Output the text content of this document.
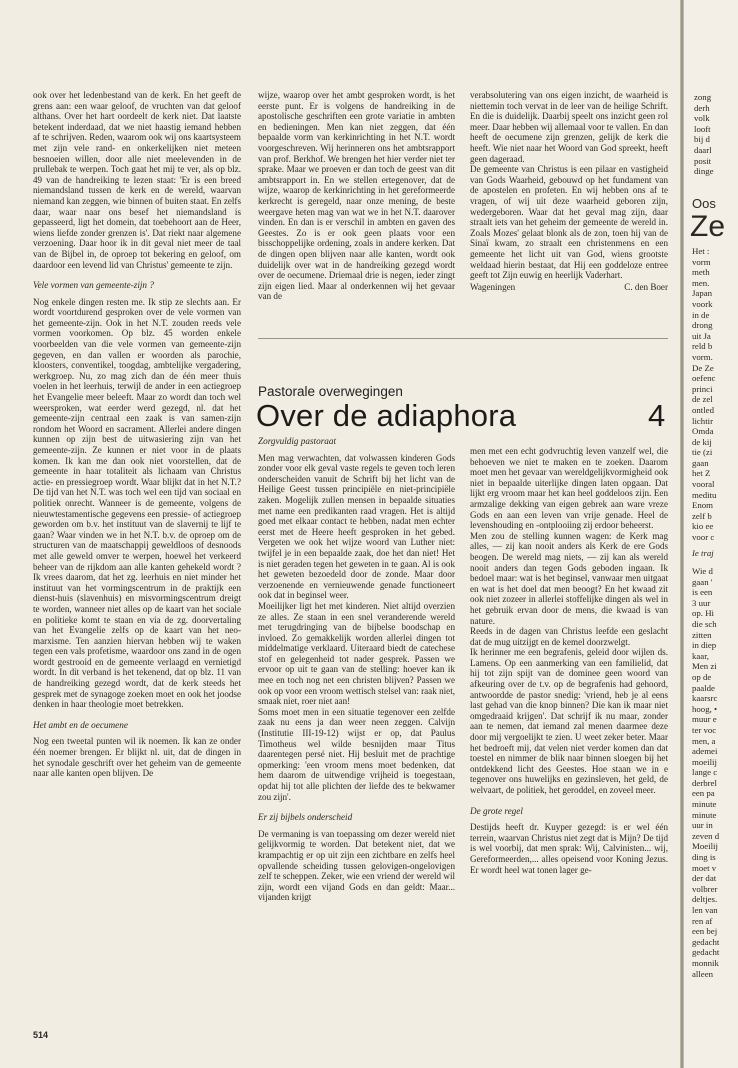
ook over het ledenbestand van de kerk. En het geeft de grens aan: een waar geloof, de vruchten van dat geloof althans. Over het hart oordeelt de kerk niet. Dat laatste betekent inderdaad, dat we niet haastig iemand hebben af te schrijven. Reden, waarom ook wij ons kaartsysteem met zijn vele rand- en onkerkelijken niet meteen besnoeien willen, door alle niet meelevenden in de prullebak te werpen. Toch gaat het mij te ver, als op blz. 49 van de handreiking te lezen staat: 'Er is een breed niemandsland tussen de kerk en de wereld, waarvan niemand kan zeggen, wie binnen of buiten staat. En zelfs daar, waar naar ons besef het niemandsland is gepasseerd, ligt het domein, dat toebehoort aan de Heer, wiens liefde zonder grenzen is'. Dat riekt naar algemene verzoening. Daar hoor ik in dit geval niet meer de taal van de Bijbel in, de oproep tot bekering en geloof, om daardoor een levend lid van Christus' gemeente te zijn.

Vele vormen van gemeente-zijn ?

Nog enkele dingen resten me. Ik stip ze slechts aan. Er wordt voortdurend gesproken over de vele vormen van het gemeente-zijn. Ook in het N.T. zouden reeds vele vormen voorkomen. Op blz. 45 worden enkele voorbeelden van die vele vormen van gemeente-zijn gegeven, en dan vallen er woorden als parochie, kloosters, conventikel, toogdag, ambtelijke vergadering, werkgroep. Nu, zo mag zich dan de één meer thuis voelen in het leerhuis, terwijl de ander in een actiegroep het Evangelie meer beleeft. Maar zo wordt dan toch wel weersproken, wat eerder werd gezegd, nl. dat het gemeente-zijn centraal een zaak is van samen-zijn rondom het Woord en sacrament. Allerlei andere dingen kunnen op zijn best de uitwasiering zijn van het gemeente-zijn. Ze kunnen er niet voor in de plaats komen. Ik kan me dan ook niet voorstellen, dat de gemeente in haar totaliteit als lichaam van Christus actie- en pressiegroep wordt. Waar blijkt dat in het N.T.? De tijd van het N.T. was toch wel een tijd van sociaal en politiek onrecht. Wanneer is de gemeente, volgens de nieuwtestamentische gegevens een pressie- of actiegroep geworden om b.v. het instituut van de slavernij te lijf te gaan? Waar vinden we in het N.T. b.v. de oproep om de structuren van de maatschappij geweldloos of desnoods met alle geweld omver te werpen, hoewel het verkeerd beheer van de rijkdom aan alle kanten gehekeld wordt ? Ik vrees daarom, dat het zg. leerhuis en niet minder het instituut van het vormingscentrum in de praktijk een dienst-huis (slavenhuis) en misvormingscentrum dreigt te worden, wanneer niet alles op de kaart van het sociale en politieke komt te staan en via de zg. doorvertaling van het Evangelie zelfs op de kaart van het neo-marxisme. Ten aanzien hiervan hebben wij te waken tegen een vals profetisme, waardoor ons zand in de ogen wordt gestrooid en de gemeente verlaagd en vernietigd wordt. In dit verband is het tekenend, dat op blz. 11 van de handreiking gezegd wordt, dat de kerk steeds het gesprek met de synagoge zoeken moet en ook het joodse denken in haar theologie moet betrekken.

Het ambt en de oecumene

Nog een tweetal punten wil ik noemen. Ik kan ze onder één noemer brengen. Er blijkt nl. uit, dat de dingen in het synodale geschrift over het geheim van de gemeente naar alle kanten open blijven. De

wijze, waarop over het ambt gesproken wordt, is het eerste punt. Er is volgens de handreiking in de apostolische geschriften een grote variatie in ambten en bedieningen. Men kan niet zeggen, dat één bepaalde vorm van kerkinrichting in het N.T. wordt voorgeschreven. Wij herinneren ons het ambtsrapport van prof. Berkhof. We brengen het hier verder niet ter sprake. Maar we proeven er dan toch de geest van dit ambtsrapport in. En we stellen ertegenover, dat de wijze, waarop de kerkinrichting in het gereformeerde kerkrecht is geregeld, naar onze mening, de beste weergave heten mag van wat we in het N.T. daarover vinden. En dan is er verschil in ambten en gaven des Geestes. Zo is er ook geen plaats voor een bisschoppelijke ordening, zoals in andere kerken. Dat de dingen open blijven naar alle kanten, wordt ook duidelijk over wat in de handreiking gezegd wordt over de oecumene. Driemaal drie is negen, ieder zingt zijn eigen lied. Maar al onderkennen wij het gevaar van de

verabsolutering van ons eigen inzicht, de waarheid is niettemin toch vervat in de leer van de heilige Schrift. En die is duidelijk. Daarbij speelt ons inzicht geen rol meer. Daar hebben wij allemaal voor te vallen. En dan heeft de oecumene zijn grenzen, gelijk de kerk die heeft. Wie niet naar het Woord van God spreekt, heeft geen dageraad.

De gemeente van Christus is een pilaar en vastigheid van Gods Waarheid, gebouwd op het fundament van de apostelen en profeten. En wij hebben ons af te vragen, of wij uit deze waarheid geboren zijn, wedergeboren. Waar dat het geval mag zijn, daar straalt iets van het geheim der gemeente de wereld in. Zoals Mozes' gelaat blonk als de zon, toen hij van de Sinaï kwam, zo straalt een christenmens en een gemeente het licht uit van God, wiens grootste weldaad hierin bestaat, dat Hij een goddeloze entree geeft tot Zijn euwig en heerlijk Vaderhart.

Wageningen	C. den Boer
Pastorale overwegingen
Over de adiaphora	4
Zorgvuldig pastoraat

Men mag verwachten, dat volwassen kinderen Gods zonder voor elk geval vaste regels te geven toch leren onderscheiden vanuit de Schrift bij het licht van de Heilige Geest tussen principiële en niet-principiële zaken. Mogelijk zullen mensen in bepaalde situaties met name een predikanten raad vragen. Het is altijd goed met elkaar contact te hebben, nadat men echter eerst met de Heere heeft gesproken in het gebed. Vergeten we ook het wijze woord van Luther niet: twijfel je in een bepaalde zaak, doe het dan niet! Het is niet geraden tegen het geweten in te gaan. Al is ook het geweten bezoedeld door de zonde. Maar door verzoenende en vernieuwende genade functioneert ook dat in beginsel weer.

Moeilijker ligt het met kinderen. Niet altijd overzien ze alles. Ze staan in een snel veranderende wereld met terugdringing van de bijbelse boodschap en invloed. Zo gemakkelijk worden allerlei dingen tot middelmatige verklaard. Uiteraard biedt de catechese stof en gelegenheid tot nader gesprek. Passen we ervoor op uit te gaan van de stelling: hoever kan ik mee en toch nog net een christen blijven? Passen we ook op voor een vroom wettisch stelsel van: raak niet, smaak niet, roer niet aan!

Soms moet men in een situatie tegenover een zelfde zaak nu eens ja dan weer neen zeggen. Calvijn (Institutie III-19-12) wijst er op, dat Paulus Timotheus wel wilde besnijden maar Titus daarentegen persé niet. Hij besluit met de prachtige opmerking: 'een vroom mens moet bedenken, dat hem daarom de uitwendige vrijheid is toegestaan, opdat hij tot alle plichten der liefde des te bekwamer zou zijn'.

Er zij bijbels onderscheid

De vermaning is van toepassing om dezer wereld niet gelijkvormig te worden. Dat betekent niet, dat we krampachtig er op uit zijn een zichtbare en zelfs heel opvallende scheiding tussen gelovigen-ongelovigen zelf te scheppen. Zeker, wie een vriend der wereld wil zijn, wordt een vijand Gods en dan geldt: Maar... vijanden krijgt

men met een echt godvruchtig leven vanzelf wel, die behoeven we niet te maken en te zoeken. Daarom moet men het gevaar van wereldgelijkvormigheid ook niet in bepaalde uiterlijke dingen laten opgaan. Dat lijkt erg vroom maar het kan heel goddeloos zijn. Een armzalige dekking van eigen gebrek aan ware vreze Gods en aan een leven van vrije genade. Heel de levenshouding en -ontplooiing zij erdoor beheerst.

Men zou de stelling kunnen wagen: de Kerk mag alles, — zij kan nooit anders als Kerk de ere Gods beogen. De wereld mag niets, — zij kan als wereld nooit anders dan tegen Gods geboden ingaan. Ik bedoel maar: wat is het beginsel, vanwaar men uitgaat en wat is het doel dat men beoogt? En het kwaad zit ook niet zozeer in allerlei stoffelijke dingen als wel in het gebruik ervan door de mens, die kwaad is van nature.

Reeds in de dagen van Christus leefde een geslacht dat de mug uitzijgt en de kemel doorzwelgt.

Ik herinner me een begrafenis, geleid door wijlen ds. Lamens. Op een aanmerking van een familielid, dat hij tot zijn spijt van de dominee geen woord van afkeuring over de t.v. op de begrafenis had gehoord, antwoordde de pastor snedig: 'vriend, heb je al eens last gehad van die knop binnen? Die kan ik maar niet omgedraaid krijgen'. Dat schrijf ik nu maar, zonder aan te nemen, dat iemand zal menen daarmee deze door mij vergoelijkt te zien. U weet zeker beter. Maar het bedroeft mij, dat velen niet verder komen dan dat toestel en nimmer de blik naar binnen sloegen bij het ontdekkend licht des Geestes. Hoe staan we in e tegenover ons huwelijks en gezinsleven, het geld, de welvaart, de politiek, het geroddel, en zoveel meer.

De grote regel

Destijds heeft dr. Kuyper gezegd: is er wel één terrein, waarvan Christus niet zegt dat is Mijn? De tijd is wel voorbij, dat men sprak: Wij, Calvinisten... wij, Gereformeerden,... alles opeisend voor Koning Jezus. Er wordt heel wat tonen lager ge-

514

zong

derh

volk

looft

bij d

daarl

posit

dinge

Oos
Ze

Het :

vorm

meth

men.

Japan

voork

in de

drong

uit Ja

reld b

vorm.

De Ze

oefenc

princi

de zel

ontled

lichtir

Omda

de kij

tie (zi

gaan

het Z

vooral

meditu

Enom

zelf b

kio ee

voor c

Ie traj

Wie d

gaan '

is een

3 uur

op. Hi

die sch

zitten

in diep

kaar,

Men zi

op de

paalde

kaarsrc

hoog, •

muur e

ter voc

men, a

ademei

moeilij

lange c

derbrel

een pa

minute

minute

uur in

zeven d

Moeilij

ding is

moet v

der dat

volbrer

deltjes.

len van

ren af

een bej

gedacht

gedacht

monnik

alleen
